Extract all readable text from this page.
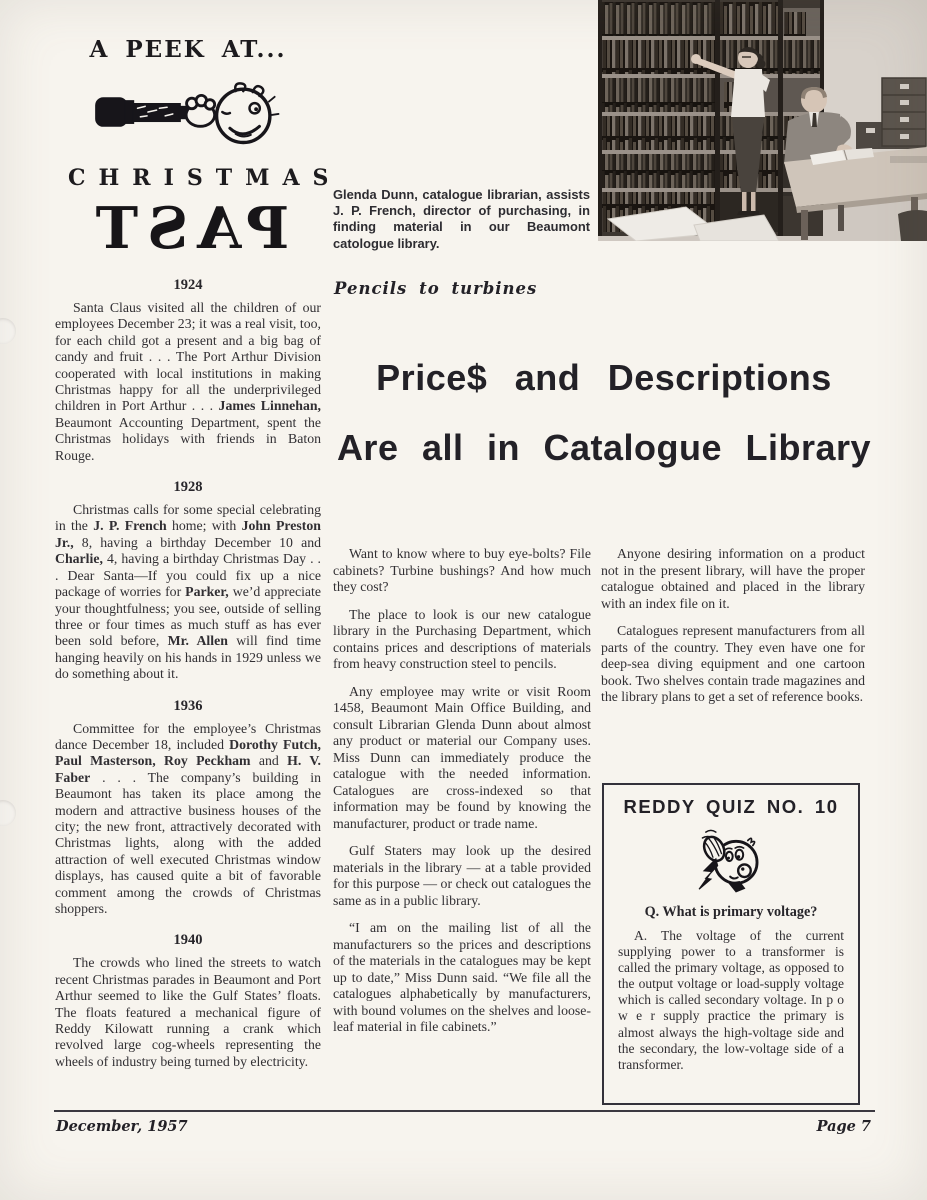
A PEEK AT...
CHRISTMAS
PAST
1924

Santa Claus visited all the children of our employees December 23; it was a real visit, too, for each child got a present and a big bag of candy and fruit . . . The Port Arthur Division cooperated with local institutions in making Christmas happy for all the underprivileged children in Port Arthur . . . James Linnehan, Beaumont Accounting Department, spent the Christmas holidays with friends in Baton Rouge.

1928

Christmas calls for some special celebrating in the J. P. French home; with John Preston Jr., 8, having a birthday December 10 and Charlie, 4, having a birthday Christmas Day . . . Dear Santa—If you could fix up a nice package of worries for Parker, we’d appreciate your thoughtfulness; you see, outside of selling three or four times as much stuff as has ever been sold before, Mr. Allen will find time hanging heavily on his hands in 1929 unless we do something about it.

1936

Committee for the employee’s Christmas dance December 18, included Dorothy Futch, Paul Masterson, Roy Peckham and H. V. Faber . . . The company’s building in Beaumont has taken its place among the modern and attractive business houses of the city; the new front, attractively decorated with Christmas lights, along with the added attraction of well executed Christmas window displays, has caused quite a bit of favorable comment among the crowds of Christmas shoppers.

1940

The crowds who lined the streets to watch recent Christmas parades in Beaumont and Port Arthur seemed to like the Gulf States’ floats. The floats featured a mechanical figure of Reddy Kilowatt running a crank which revolved large cog-wheels representing the wheels of industry being turned by electricity.

Glenda Dunn, catalogue librarian, assists J. P. French, director of purchasing, in finding material in our Beaumont catologue library.

Pencils to turbines
Price$ and Descriptions
Are all in Catalogue Library

Want to know where to buy eye-bolts? File cabinets? Turbine bushings? And how much they cost?

The place to look is our new catalogue library in the Purchasing Department, which contains prices and descriptions of materials from heavy construction steel to pencils.

Any employee may write or visit Room 1458, Beaumont Main Office Building, and consult Librarian Glenda Dunn about almost any product or material our Company uses. Miss Dunn can immediately produce the catalogue with the needed information. Catalogues are cross-indexed so that information may be found by knowing the manufacturer, product or trade name.

Gulf Staters may look up the desired materials in the library — at a table provided for this purpose — or check out catalogues the same as in a public library.

“I am on the mailing list of all the manufacturers so the prices and descriptions of the materials in the catalogues may be kept up to date,” Miss Dunn said. “We file all the catalogues alphabetically by manufacturers, with bound volumes on the shelves and loose-leaf material in file cabinets.”

Anyone desiring information on a product not in the present library, will have the proper catalogue obtained and placed in the library with an index file on it.

Catalogues represent manufacturers from all parts of the country. They even have one for deep-sea diving equipment and one cartoon book. Two shelves contain trade magazines and the library plans to get a set of reference books.

REDDY QUIZ NO. 10
Q. What is primary voltage?

A. The voltage of the current supplying power to a transformer is called the primary voltage, as opposed to the output voltage or load-supply voltage which is called secondary voltage. In p o w e r supply practice the primary is almost always the high-voltage side and the secondary, the low-voltage side of a transformer.

December, 1957	Page 7
